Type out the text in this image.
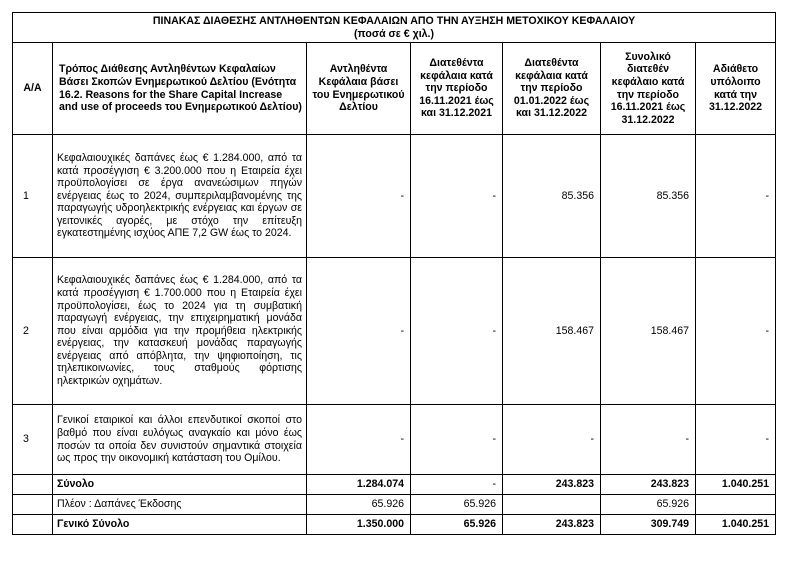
ΠΙΝΑΚΑΣ ΔΙΑΘΕΣΗΣ ΑΝΤΛΗΘΕΝΤΩΝ ΚΕΦΑΛΑΙΩΝ ΑΠΟ ΤΗΝ ΑΥΞΗΣΗ ΜΕΤΟΧΙΚΟΥ ΚΕΦΑΛΑΙΟΥ
(ποσά σε € χιλ.)						

Α/Α	Τρόπος Διάθεσης Αντληθέντων Κεφαλαίων Βάσει Σκοπών Ενημερωτικού Δελτίου (Ενότητα 16.2. Reasons for the Share Capital Increase and use of proceeds του Ενημερωτικού Δελτίου)	Αντληθέντα Κεφάλαια βάσει του Ενημερωτικού Δελτίου	Διατεθέντα κεφάλαια κατά την περίοδο 16.11.2021 έως και 31.12.2021	Διατεθέντα κεφάλαια κατά την περίοδο 01.01.2022 έως και 31.12.2022	Συνολικό διατεθέν κεφάλαιο κατά την περίοδο 16.11.2021 έως 31.12.2022	Αδιάθετο υπόλοιπο κατά την 31.12.2022
1	Κεφαλαιουχικές δαπάνες έως € 1.284.000, από τα κατά προσέγγιση € 3.200.000 που η Εταιρεία έχει προϋπολογίσει σε έργα ανανεώσιμων πηγών ενέργειας έως το 2024, συμπεριλαμβανομένης της παραγωγής υδροηλεκτρικής ενέργειας και έργων σε γειτονικές αγορές, με στόχο την επίτευξη εγκατεστημένης ισχύος ΑΠΕ 7,2 GW έως το 2024.	-	-	85.356	85.356	-
2	Κεφαλαιουχικές δαπάνες έως € 1.284.000, από τα κατά προσέγγιση € 1.700.000 που η Εταιρεία έχει προϋπολογίσει, έως το 2024 για τη συμβατική παραγωγή ενέργειας, την επιχειρηματική μονάδα που είναι αρμόδια για την προμήθεια ηλεκτρικής ενέργειας, την κατασκευή μονάδας παραγωγής ενέργειας από απόβλητα, την ψηφιοποίηση, τις τηλεπικοινωνίες, τους σταθμούς φόρτισης ηλεκτρικών οχημάτων.	-	-	158.467	158.467	-
3	Γενικοί εταιρικοί και άλλοι επενδυτικοί σκοποί στο βαθμό που είναι ευλόγως αναγκαίο και μόνο έως ποσών τα οποία δεν συνιστούν σημαντικά στοιχεία ως προς την οικονομική κατάσταση του Ομίλου.	-	-	-	-	-
	Σύνολο	1.284.074	-	243.823	243.823	1.040.251
	Πλέον : Δαπάνες Έκδοσης	65.926	65.926		65.926	
	Γενικό Σύνολο	1.350.000	65.926	243.823	309.749	1.040.251
